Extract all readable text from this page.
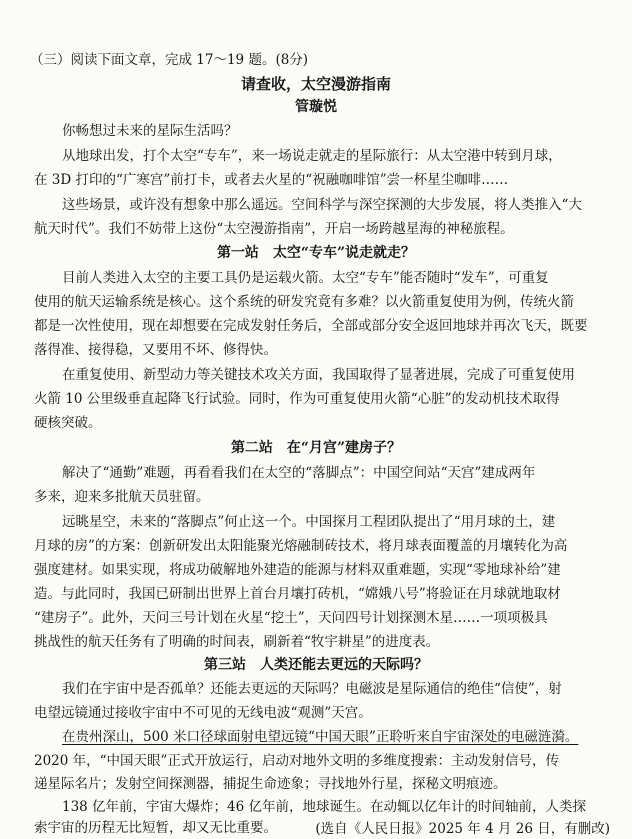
（三）阅读下面文章，完成 17～19 题。(8分)
请查收，太空漫游指南
管璇悦
你畅想过未来的星际生活吗？
从地球出发，打个太空“专车”，来一场说走就走的星际旅行：从太空港中转到月球，
在 3D 打印的“广寒宫”前打卡，或者去火星的“祝融咖啡馆”尝一杯星尘咖啡……
这些场景，或许没有想象中那么遥远。空间科学与深空探测的大步发展，将人类推入“大
航天时代”。我们不妨带上这份“太空漫游指南”，开启一场跨越星海的神秘旅程。
第一站　太空“专车”说走就走？
目前人类进入太空的主要工具仍是运载火箭。太空“专车”能否随时“发车”，可重复
使用的航天运输系统是核心。这个系统的研发究竟有多难？以火箭重复使用为例，传统火箭
都是一次性使用，现在却想要在完成发射任务后，全部或部分安全返回地球并再次飞天，既要
落得准、接得稳，又要用不坏、修得快。
在重复使用、新型动力等关键技术攻关方面，我国取得了显著进展，完成了可重复使用
火箭 10 公里级垂直起降飞行试验。同时，作为可重复使用火箭“心脏”的发动机技术取得
硬核突破。
第二站　在“月宫”建房子？
解决了“通勤”难题，再看看我们在太空的“落脚点”：中国空间站“天宫”建成两年
多来，迎来多批航天员驻留。
远眺星空，未来的“落脚点”何止这一个。中国探月工程团队提出了“用月球的土，建
月球的房”的方案：创新研发出太阳能聚光熔融制砖技术，将月球表面覆盖的月壤转化为高
强度建材。如果实现，将成功破解地外建造的能源与材料双重难题，实现“零地球补给”建
造。与此同时，我国已研制出世界上首台月壤打砖机，“嫦娥八号”将验证在月球就地取材
“建房子”。此外，天问三号计划在火星“挖土”，天问四号计划探测木星……一项项极具
挑战性的航天任务有了明确的时间表，刷新着“牧宇耕星”的进度表。
第三站　人类还能去更远的天际吗？
我们在宇宙中是否孤单？还能去更远的天际吗？电磁波是星际通信的绝佳“信使”，射
电望远镜通过接收宇宙中不可见的无线电波“观测”天宫。
在贵州深山，500 米口径球面射电望远镜“中国天眼”正聆听来自宇宙深处的电磁涟漪。
2020 年，“中国天眼”正式开放运行，启动对地外文明的多维度搜索：主动发射信号，传
递星际名片；发射空间探测器，捕捉生命迹象；寻找地外行星，探秘文明痕迹。
138 亿年前，宇宙大爆炸；46 亿年前，地球诞生。在动辄以亿年计的时间轴前，人类探
索宇宙的历程无比短暂，却又无比重要。	(选自《人民日报》2025 年 4 月 26 日，有删改)
